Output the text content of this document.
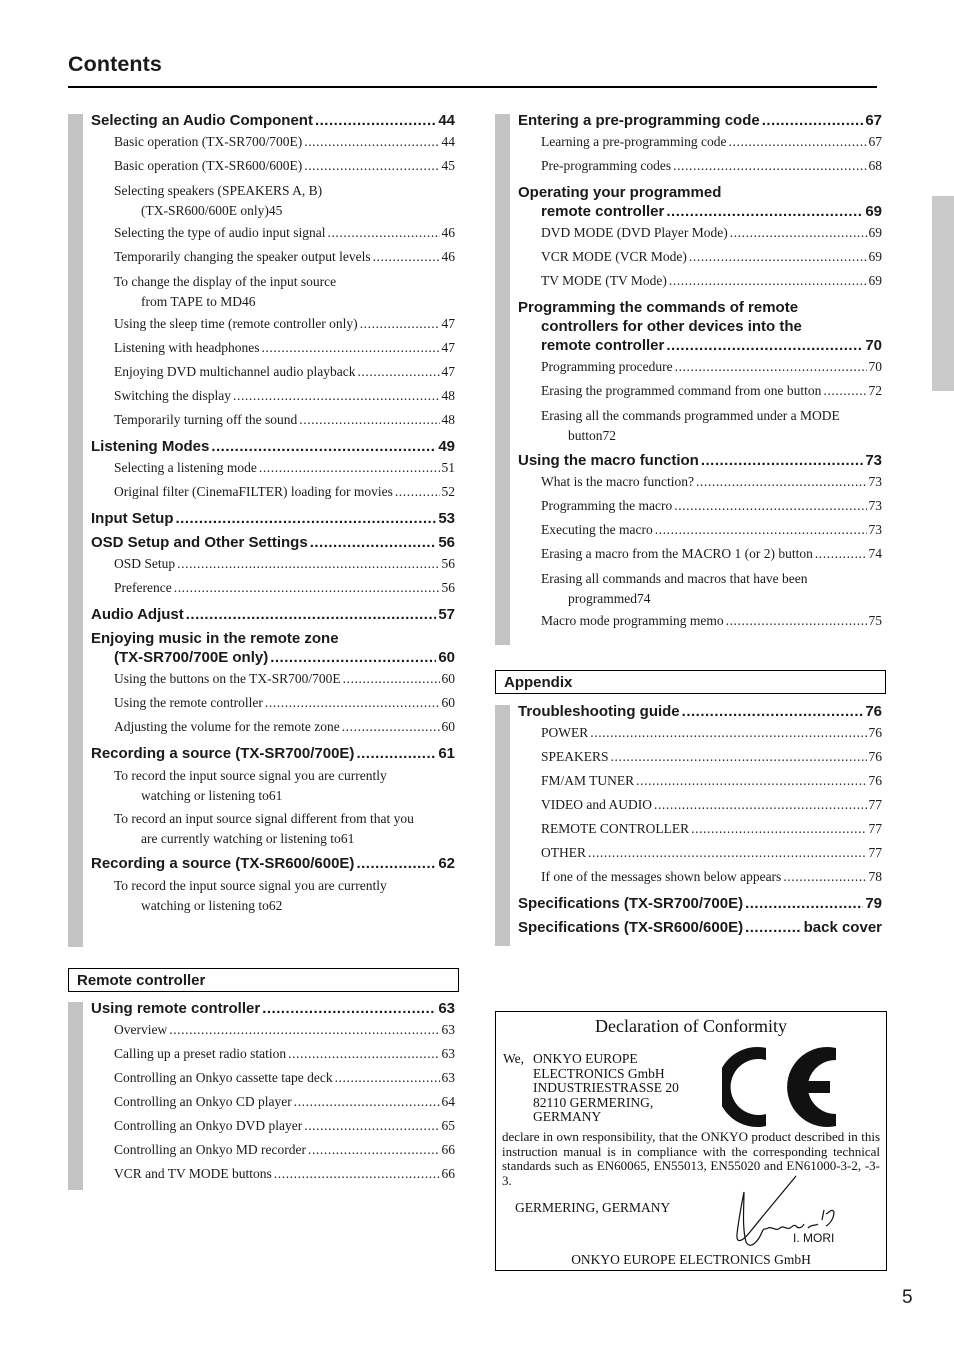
Contents
Selecting an Audio Component .....	44
Basic operation (TX-SR700/700E) .....	44
Basic operation (TX-SR600/600E) .....	45
Selecting speakers (SPEAKERS A, B)
(TX-SR600/600E only) 45
Selecting the type of audio input signal .....	46
Temporarily changing the speaker output levels .....	46
To change the display of the input source
from TAPE to MD 46
Using the sleep time (remote controller only) .....	47
Listening with headphones .....	47
Enjoying DVD multichannel audio playback .....	47
Switching the display .....	48
Temporarily turning off the sound .....	48
Listening Modes .....	49
Selecting a listening mode .....	51
Original filter (CinemaFILTER) loading for movies .....	52
Input Setup .....	53
OSD Setup and Other Settings .....	56
OSD Setup .....	56
Preference .....	56
Audio Adjust .....	57
Enjoying music in the remote zone
(TX-SR700/700E only) .....	60
Using the buttons on the TX-SR700/700E .....	60
Using the remote controller .....	60
Adjusting the volume for the remote zone .....	60
Recording a source (TX-SR700/700E) .....	61
To record the input source signal you are currently
watching or listening to 61
To record an input source signal different from that you
are currently watching or listening to 61
Recording a source (TX-SR600/600E) .....	62
To record the input source signal you are currently
watching or listening to 62
Remote controller
Using remote controller .....	63
Overview .....	63
Calling up a preset radio station .....	63
Controlling an Onkyo cassette tape deck .....	63
Controlling an Onkyo CD player .....	64
Controlling an Onkyo DVD player .....	65
Controlling an Onkyo MD recorder .....	66
VCR and TV MODE buttons .....	66
Entering a pre-programming code .....	67
Learning a pre-programming code .....	67
Pre-programming codes .....	68
Operating your programmed
remote controller .....	69
DVD MODE (DVD Player Mode) .....	69
VCR MODE (VCR Mode) .....	69
TV MODE (TV Mode) .....	69
Programming the commands of remote
controllers for other devices into the
remote controller .....	70
Programming procedure .....	70
Erasing the programmed command from one button .....	72
Erasing all the commands programmed under a MODE
button 72
Using the macro function .....	73
What is the macro function? .....	73
Programming the macro .....	73
Executing the macro .....	73
Erasing a macro from the MACRO 1 (or 2) button .....	74
Erasing all commands and macros that have been
programmed 74
Macro mode programming memo .....	75
Appendix
Troubleshooting guide .....	76
POWER .....	76
SPEAKERS .....	76
FM/AM TUNER .....	76
VIDEO and AUDIO .....	77
REMOTE CONTROLLER .....	77
OTHER .....	77
If one of the messages shown below appears .....	78
Specifications (TX-SR700/700E) .....	79
Specifications (TX-SR600/600E) .....	back cover
Declaration of Conformity
We, ONKYO EUROPE
ELECTRONICS GmbH
INDUSTRIESTRASSE 20
82110 GERMERING,
GERMANY
declare in own responsibility, that the ONKYO product described in this instruction manual is in compliance with the corresponding technical standards such as EN60065, EN55013, EN55020 and EN61000-3-2, -3-3.
GERMERING, GERMANY
I. MORI
ONKYO EUROPE ELECTRONICS GmbH
5
